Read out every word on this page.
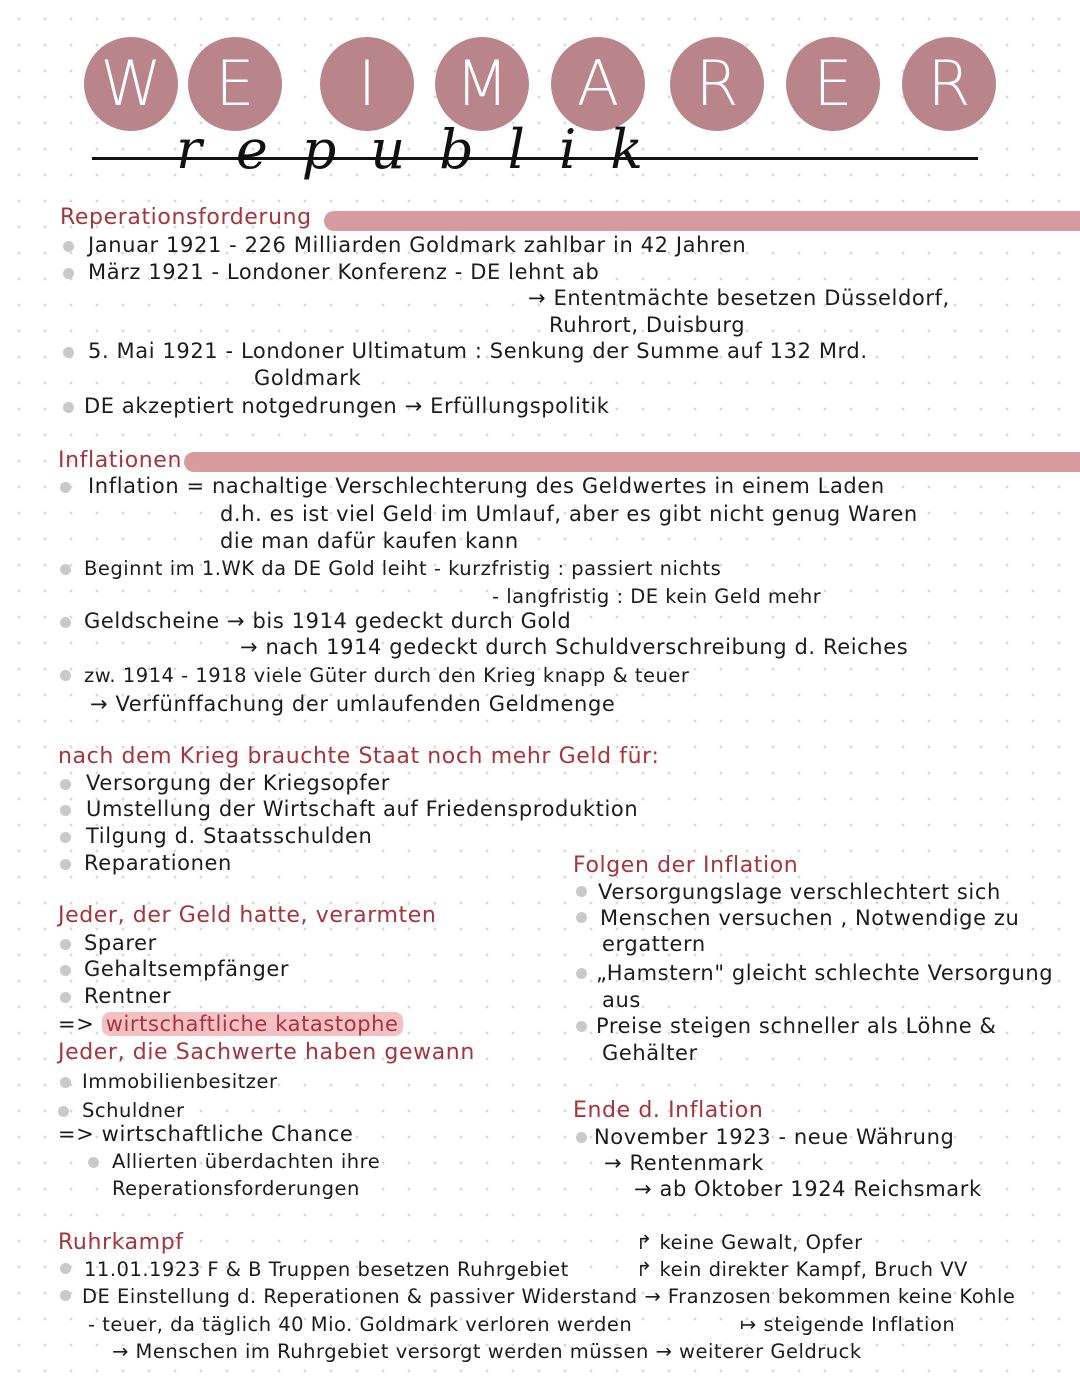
W E	I	M	A	R	E	R
republik
Reperationsforderung
Januar 1921 - 226 Milliarden Goldmark zahlbar in 42 Jahren
März 1921 - Londoner Konferenz - DE lehnt ab
→ Ententmächte besetzen Düsseldorf,
Ruhrort, Duisburg
5. Mai 1921 - Londoner Ultimatum : Senkung der Summe auf 132 Mrd.
Goldmark
DE akzeptiert notgedrungen → Erfüllungspolitik
Inflationen
Inflation = nachaltige Verschlechterung des Geldwertes in einem Laden
d.h. es ist viel Geld im Umlauf, aber es gibt nicht genug Waren
die man dafür kaufen kann
Beginnt im 1.WK da DE Gold leiht - kurzfristig : passiert nichts
- langfristig : DE kein Geld mehr
Geldscheine → bis 1914 gedeckt durch Gold
→ nach 1914 gedeckt durch Schuldverschreibung d. Reiches
zw. 1914 - 1918 viele Güter durch den Krieg knapp & teuer
→ Verfünffachung der umlaufenden Geldmenge
nach dem Krieg brauchte Staat noch mehr Geld für:
Versorgung der Kriegsopfer
Umstellung der Wirtschaft auf Friedensproduktion
Tilgung d. Staatsschulden
Reparationen
Jeder, der Geld hatte, verarmten
Sparer
Gehaltsempfänger
Rentner
=> wirtschaftliche katastophe
Jeder, die Sachwerte haben gewann
Immobilienbesitzer
Schuldner
=> wirtschaftliche Chance
Allierten überdachten ihre
Reperationsforderungen
Folgen der Inflation
Versorgungslage verschlechtert sich
Menschen versuchen , Notwendige zu
ergattern
„Hamstern" gleicht schlechte Versorgung
aus
Preise steigen schneller als Löhne &
Gehälter
Ende d. Inflation
November 1923 - neue Währung
→ Rentenmark
→ ab Oktober 1924 Reichsmark
Ruhrkampf	↱ keine Gewalt, Opfer
11.01.1923 F & B Truppen besetzen Ruhrgebiet	↱ kein direkter Kampf, Bruch VV
DE Einstellung d. Reperationen & passiver Widerstand → Franzosen bekommen keine Kohle
- teuer, da täglich 40 Mio. Goldmark verloren werden	↦ steigende Inflation
→ Menschen im Ruhrgebiet versorgt werden müssen → weiterer Geldruck
